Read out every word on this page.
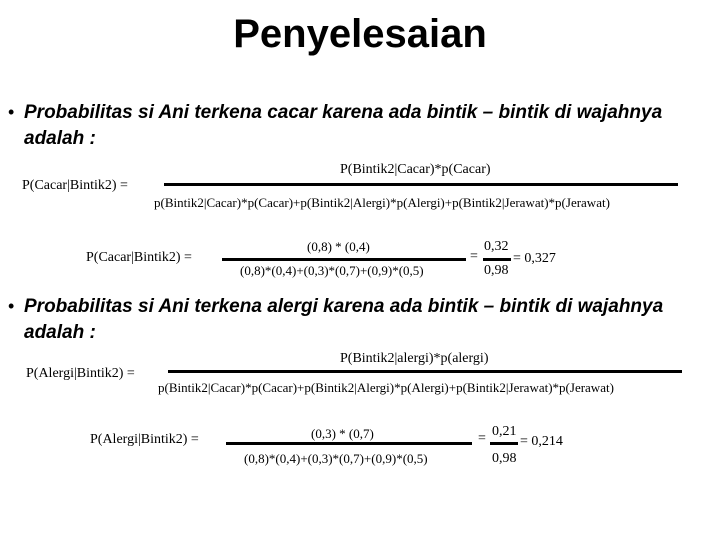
Penyelesaian
• Probabilitas si Ani terkena cacar karena ada bintik – bintik di wajahnya
adalah :
P(Bintik2|Cacar)*p(Cacar)
P(Cacar|Bintik2) =
p(Bintik2|Cacar)*p(Cacar)+p(Bintik2|Alergi)*p(Alergi)+p(Bintik2|Jerawat)*p(Jerawat)
P(Cacar|Bintik2) =
(0,8) * (0,4)
(0,8)*(0,4)+(0,3)*(0,7)+(0,9)*(0,5)
=
0,32
0,98
= 0,327
• Probabilitas si Ani terkena alergi karena ada bintik – bintik di wajahnya
adalah :
P(Bintik2|alergi)*p(alergi)
P(Alergi|Bintik2) =
p(Bintik2|Cacar)*p(Cacar)+p(Bintik2|Alergi)*p(Alergi)+p(Bintik2|Jerawat)*p(Jerawat)
P(Alergi|Bintik2) =	(0,3) * (0,7)
(0,8)*(0,4)+(0,3)*(0,7)+(0,9)*(0,5)
= 0,21
0,98
= 0,214
